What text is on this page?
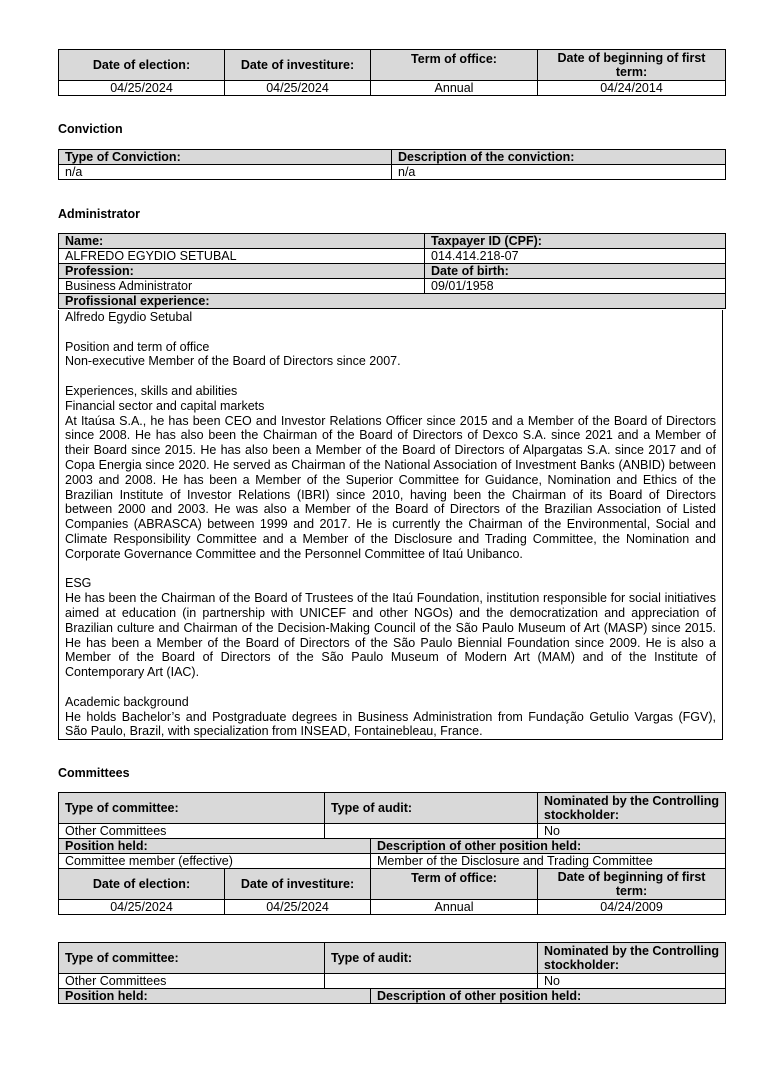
Date of election:	Date of investiture:	Term of office:	Date of beginning of first term:
04/25/2024	04/25/2024	Annual	04/24/2014
Conviction
Type of Conviction:	Description of the conviction:
n/a	n/a
Administrator
Name:	Taxpayer ID (CPF):
ALFREDO EGYDIO SETUBAL	014.414.218-07
Profession:	Date of birth:
Business Administrator	09/01/1958
Profissional experience:	

Alfredo Egydio Setubal

Position and term of office

Non-executive Member of the Board of Directors since 2007.

Experiences, skills and abilities

Financial sector and capital markets

At Itaúsa S.A., he has been CEO and Investor Relations Officer since 2015 and a Member of the Board of Directors since 2008. He has also been the Chairman of the Board of Directors of Dexco S.A. since 2021 and a Member of their Board since 2015. He has also been a Member of the Board of Directors of Alpargatas S.A. since 2017 and of Copa Energia since 2020. He served as Chairman of the National Association of Investment Banks (ANBID) between 2003 and 2008. He has been a Member of the Superior Committee for Guidance, Nomination and Ethics of the Brazilian Institute of Investor Relations (IBRI) since 2010, having been the Chairman of its Board of Directors between 2000 and 2003. He was also a Member of the Board of Directors of the Brazilian Association of Listed Companies (ABRASCA) between 1999 and 2017. He is currently the Chairman of the Environmental, Social and Climate Responsibility Committee and a Member of the Disclosure and Trading Committee, the Nomination and Corporate Governance Committee and the Personnel Committee of Itaú Unibanco.

ESG

He has been the Chairman of the Board of Trustees of the Itaú Foundation, institution responsible for social initiatives aimed at education (in partnership with UNICEF and other NGOs) and the democratization and appreciation of Brazilian culture and Chairman of the Decision-Making Council of the São Paulo Museum of Art (MASP) since 2015. He has been a Member of the Board of Directors of the São Paulo Biennial Foundation since 2009. He is also a Member of the Board of Directors of the São Paulo Museum of Modern Art (MAM) and of the Institute of Contemporary Art (IAC).

Academic background

He holds Bachelor’s and Postgraduate degrees in Business Administration from Fundação Getulio Vargas (FGV), São Paulo, Brazil, with specialization from INSEAD, Fontainebleau, France.

Committees
Type of committee:		Type of audit:		Nominated by the Controlling stockholder:
Other Committees				No
Position held:			Description of other position held:	
Committee member (effective)			Member of the Disclosure and Trading Committee	
Date of election:	Date of investiture:		Term of office:	Date of beginning of first term:
04/25/2024	04/25/2024		Annual	04/24/2009
Type of committee:	Type of audit:		Nominated by the Controlling stockholder:
Other Committees			No
Position held:		Description of other position held:	
